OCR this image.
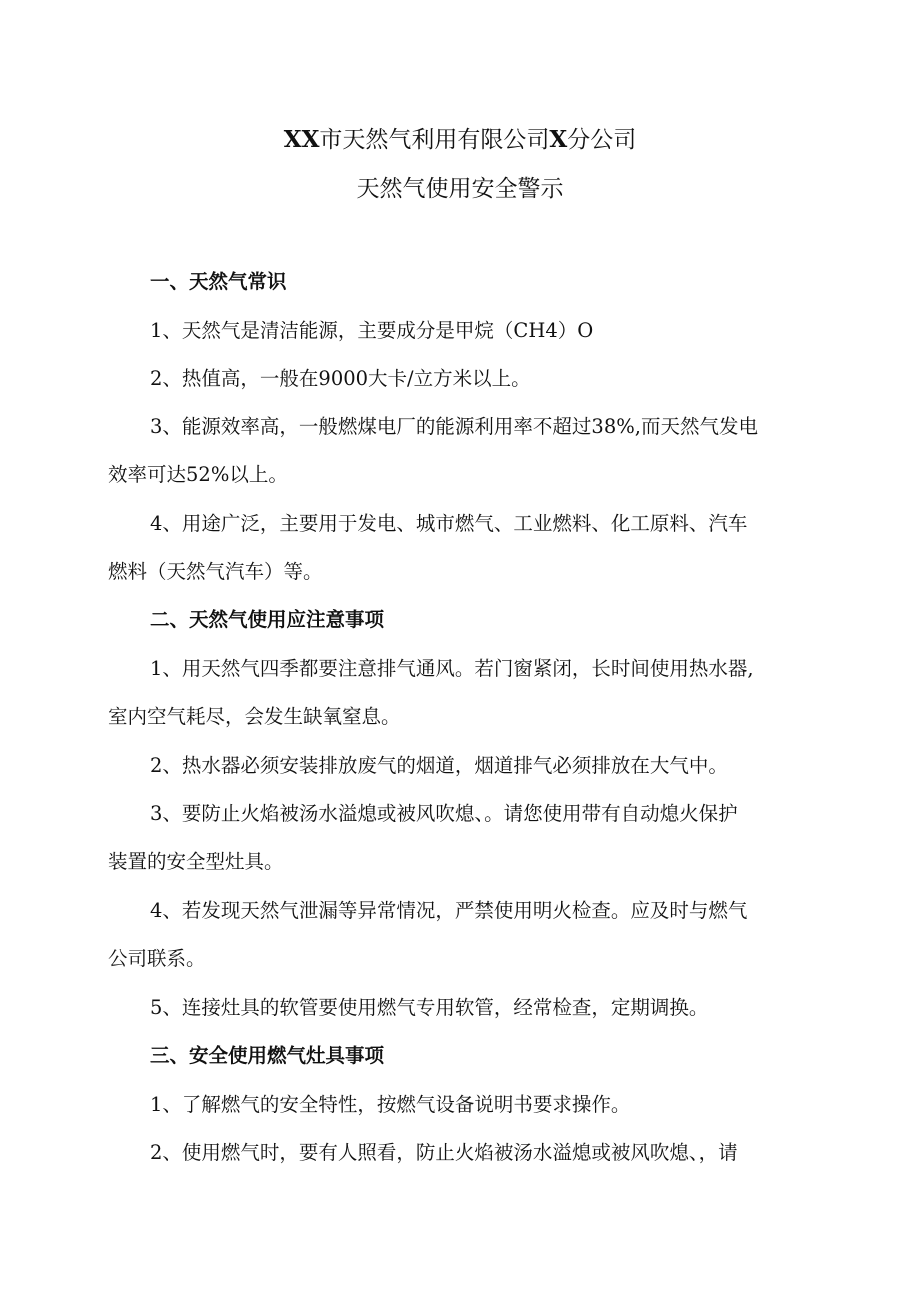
XX市天然气利用有限公司X分公司
天然气使用安全警示
一、天然气常识
1、天然气是清洁能源，主要成分是甲烷（CH4）O
2、热值高，一般在9000大卡/立方米以上。
3、能源效率高，一般燃煤电厂的能源利用率不超过38%,而天然气发电
效率可达52%以上。
4、用途广泛，主要用于发电、城市燃气、工业燃料、化工原料、汽车
燃料（天然气汽车）等。
二、天然气使用应注意事项
1、用天然气四季都要注意排气通风。若门窗紧闭，长时间使用热水器,
室内空气耗尽，会发生缺氧窒息。
2、热水器必须安装排放废气的烟道，烟道排气必须排放在大气中。
3、要防止火焰被汤水溢熄或被风吹熄、。请您使用带有自动熄火保护
装置的安全型灶具。
4、若发现天然气泄漏等异常情况，严禁使用明火检查。应及时与燃气
公司联系。
5、连接灶具的软管要使用燃气专用软管，经常检查，定期调换。
三、安全使用燃气灶具事项
1、了解燃气的安全特性，按燃气设备说明书要求操作。
2、使用燃气时，要有人照看，防止火焰被汤水溢熄或被风吹熄、，请
